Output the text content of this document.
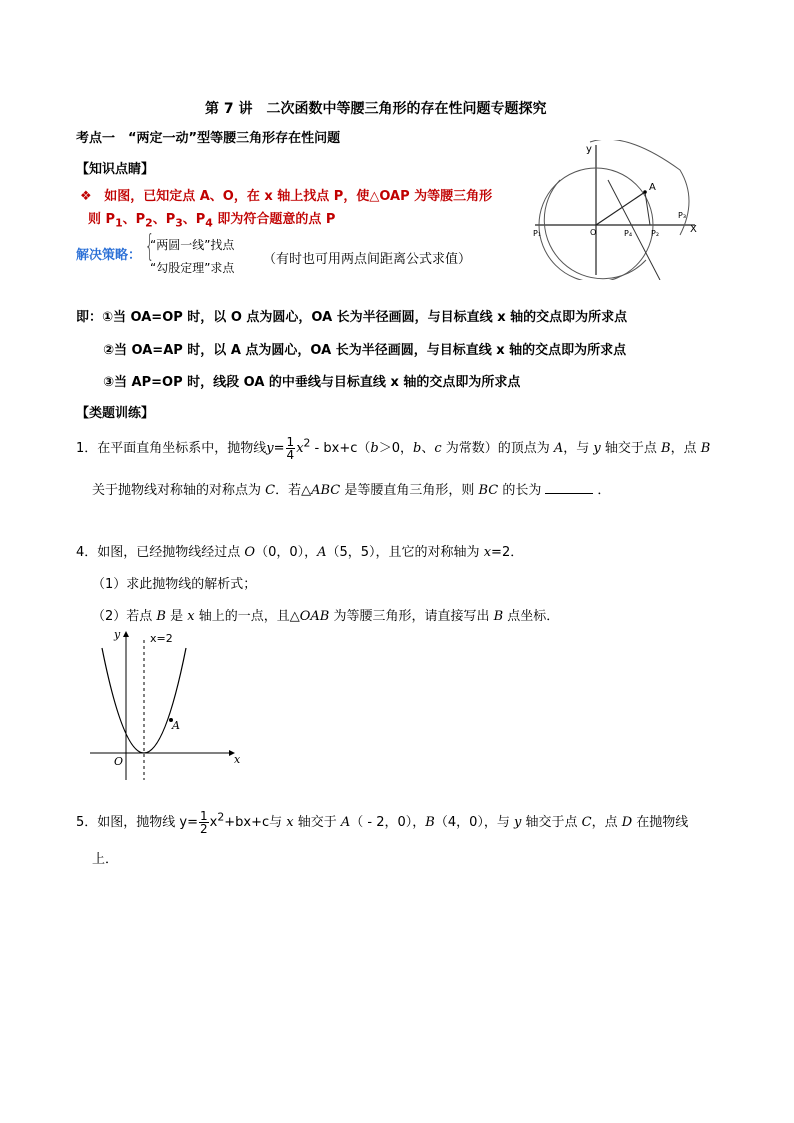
第 7 讲　二次函数中等腰三角形的存在性问题专题探究
考点一　“两定一动”型等腰三角形存在性问题
【知识点睛】
❖ 如图，已知定点 A、O，在 x 轴上找点 P，使△OAP 为等腰三角形
则 $P_1$、$P_2$、$P_3$、$P_4$ 即为符合题意的点 P
解决策略： {
“两圆一线”找点
“勾股定理”求点
（有时也可用两点间距离公式求值）
即：①当 OA=OP 时，以 O 点为圆心，OA 长为半径画圆，与目标直线 x 轴的交点即为所求点
②当 OA=AP 时，以 A 点为圆心，OA 长为半径画圆，与目标直线 x 轴的交点即为所求点
③当 AP=OP 时，线段 OA 的中垂线与目标直线 x 轴的交点即为所求点
【类题训练】
1．在平面直角坐标系中，抛物线$y= \frac{1}{4} x^2 - bx+c(b>0$，b、c 为常数）的顶点为 A，与 y 轴交于点 B，点 B
关于抛物线对称轴的对称点为 C．若△ABC 是等腰直角三角形，则 BC 的长为	．
4．如图，已经抛物线经过点 O（0，0），A（5，5），且它的对称轴为 x=2．
（1）求此抛物线的解析式；
（2）若点 B 是 x 轴上的一点，且△OAB 为等腰三角形，请直接写出 B 点坐标．
X
y
A
O
P₁	P₄ P₂
P₃
x
y
O
x=2
A
5．如图，抛物线 $y= \frac{1}{2} x^2+bx+c$与 x 轴交于 A（ - 2，0），B（4，0），与 y 轴交于点 C，点 D 在抛物线
上．
